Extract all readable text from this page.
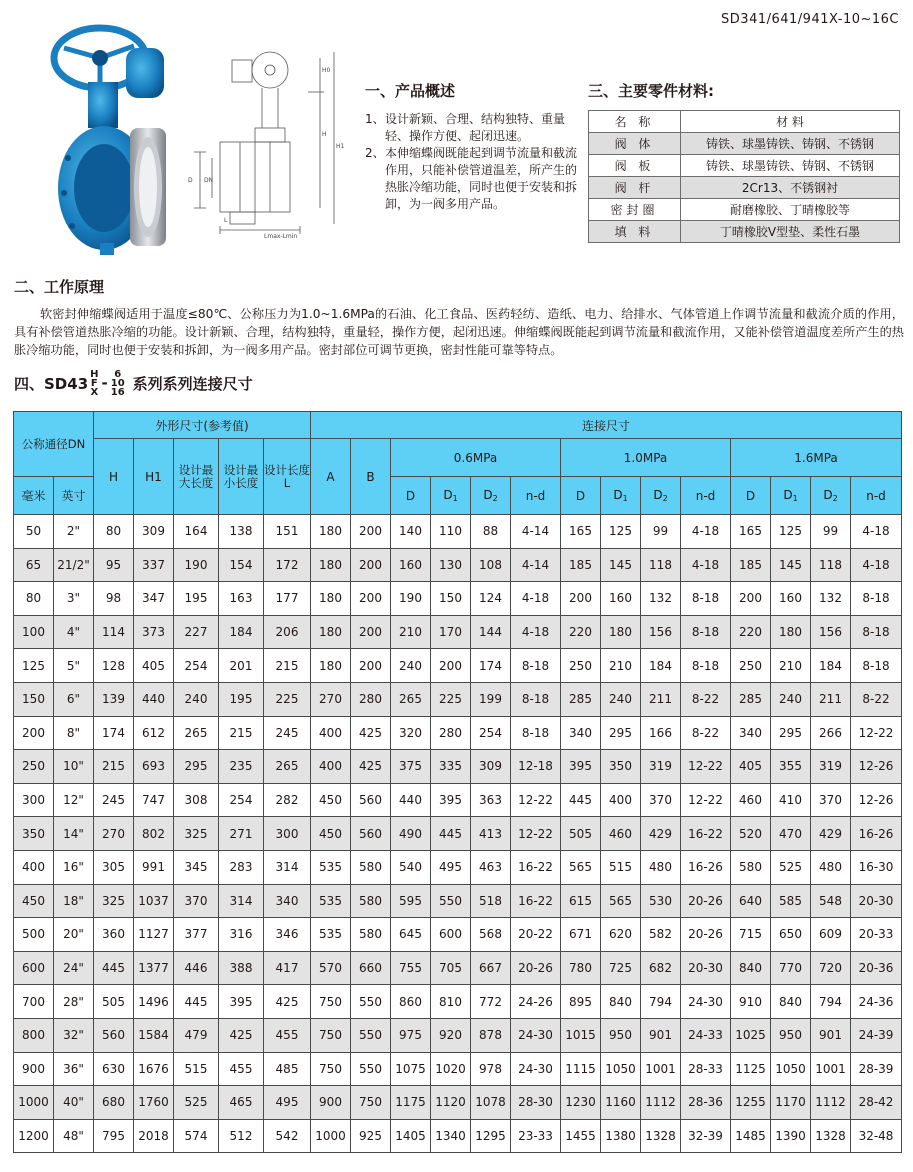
SD341/641/941X-10~16C
D DN
L
Lmax-Lmin
H
H1
H0
一、产品概述
1、 设计新颖、合理、结构独特、重量轻、操作方便、起闭迅速。
2、 本伸缩蝶阀既能起到调节流量和截流作用，只能补偿管道温差，所产生的热胀冷缩功能，同时也便于安装和拆卸，为一阀多用产品。
三、主要零件材料:
名 称	材 料
阀 体	铸铁、球墨铸铁、铸钢、不锈钢
阀 板	铸铁、球墨铸铁、铸钢、不锈钢
阀 杆	2Cr13、不锈钢衬
密封圈	耐磨橡胶、丁晴橡胶等
填 料	丁晴橡胶V型垫、柔性石墨
二、工作原理

软密封伸缩蝶阀适用于温度≤80℃、公称压力为1.0~1.6MPa的石油、化工食品、医药轻纺、造纸、电力、给排水、气体管道上作调节流量和截流介质的作用，具有补偿管道热胀冷缩的功能。设计新颖、合理，结构独特，重量轻，操作方便，起闭迅速。伸缩蝶阀既能起到调节流量和截流作用，又能补偿管道温度差所产生的热胀冷缩功能，同时也便于安装和拆卸，为一阀多用产品。密封部位可调节更换，密封性能可靠等特点。

四、SD43
H
F
X - 6
10
16 系列系列连接尺寸
公称通径DN		外形尺寸(参考值)					连接尺寸													
		H	H1	设计最大长度	设计最小长度	设计长度L	A	B	0.6MPa				1.0MPa				1.6MPa			
毫米	英寸								D	$D_1$	$D_2$	n-d	D	$D_1$	$D_2$	n-d	D	$D_1$	$D_2$	n-d
50	2"	80	309	164	138	151	180	200	140	110	88	4-14	165	125	99	4-18	165	125	99	4-18
65	21/2"	95	337	190	154	172	180	200	160	130	108	4-14	185	145	118	4-18	185	145	118	4-18
80	3"	98	347	195	163	177	180	200	190	150	124	4-18	200	160	132	8-18	200	160	132	8-18
100	4"	114	373	227	184	206	180	200	210	170	144	4-18	220	180	156	8-18	220	180	156	8-18
125	5"	128	405	254	201	215	180	200	240	200	174	8-18	250	210	184	8-18	250	210	184	8-18
150	6"	139	440	240	195	225	270	280	265	225	199	8-18	285	240	211	8-22	285	240	211	8-22
200	8"	174	612	265	215	245	400	425	320	280	254	8-18	340	295	166	8-22	340	295	266	12-22
250	10"	215	693	295	235	265	400	425	375	335	309	12-18	395	350	319	12-22	405	355	319	12-26
300	12"	245	747	308	254	282	450	560	440	395	363	12-22	445	400	370	12-22	460	410	370	12-26
350	14"	270	802	325	271	300	450	560	490	445	413	12-22	505	460	429	16-22	520	470	429	16-26
400	16"	305	991	345	283	314	535	580	540	495	463	16-22	565	515	480	16-26	580	525	480	16-30
450	18"	325	1037	370	314	340	535	580	595	550	518	16-22	615	565	530	20-26	640	585	548	20-30
500	20"	360	1127	377	316	346	535	580	645	600	568	20-22	671	620	582	20-26	715	650	609	20-33
600	24"	445	1377	446	388	417	570	660	755	705	667	20-26	780	725	682	20-30	840	770	720	20-36
700	28"	505	1496	445	395	425	750	550	860	810	772	24-26	895	840	794	24-30	910	840	794	24-36
800	32"	560	1584	479	425	455	750	550	975	920	878	24-30	1015	950	901	24-33	1025	950	901	24-39
900	36"	630	1676	515	455	485	750	550	1075	1020	978	24-30	1115	1050	1001	28-33	1125	1050	1001	28-39
1000	40"	680	1760	525	465	495	900	750	1175	1120	1078	28-30	1230	1160	1112	28-36	1255	1170	1112	28-42
1200	48"	795	2018	574	512	542	1000	925	1405	1340	1295	23-33	1455	1380	1328	32-39	1485	1390	1328	32-48
